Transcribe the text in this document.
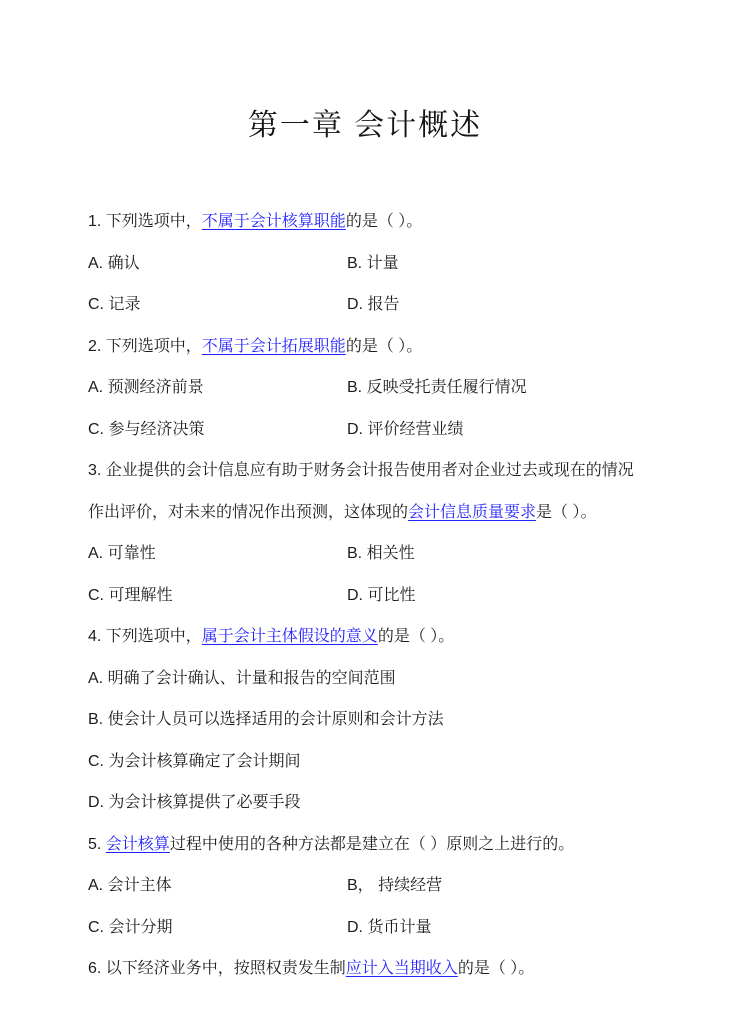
第一章 会计概述
1. 下列选项中，不属于会计核算职能的是（ ）。
A. 确认	B. 计量
C. 记录	D. 报告
2. 下列选项中，不属于会计拓展职能的是（ ）。
A. 预测经济前景	B. 反映受托责任履行情况
C. 参与经济决策	D. 评价经营业绩
3. 企业提供的会计信息应有助于财务会计报告使用者对企业过去或现在的情况
作出评价，对未来的情况作出预测，这体现的会计信息质量要求是（ ）。
A. 可靠性	B. 相关性
C. 可理解性	D. 可比性
4. 下列选项中，属于会计主体假设的意义的是（ ）。
A. 明确了会计确认、计量和报告的空间范围
B. 使会计人员可以选择适用的会计原则和会计方法
C. 为会计核算确定了会计期间
D. 为会计核算提供了必要手段
5. 会计核算过程中使用的各种方法都是建立在（ ）原则之上进行的。
A. 会计主体	B， 持续经营
C. 会计分期	D. 货币计量
6. 以下经济业务中，按照权责发生制应计入当期收入的是（ ）。
